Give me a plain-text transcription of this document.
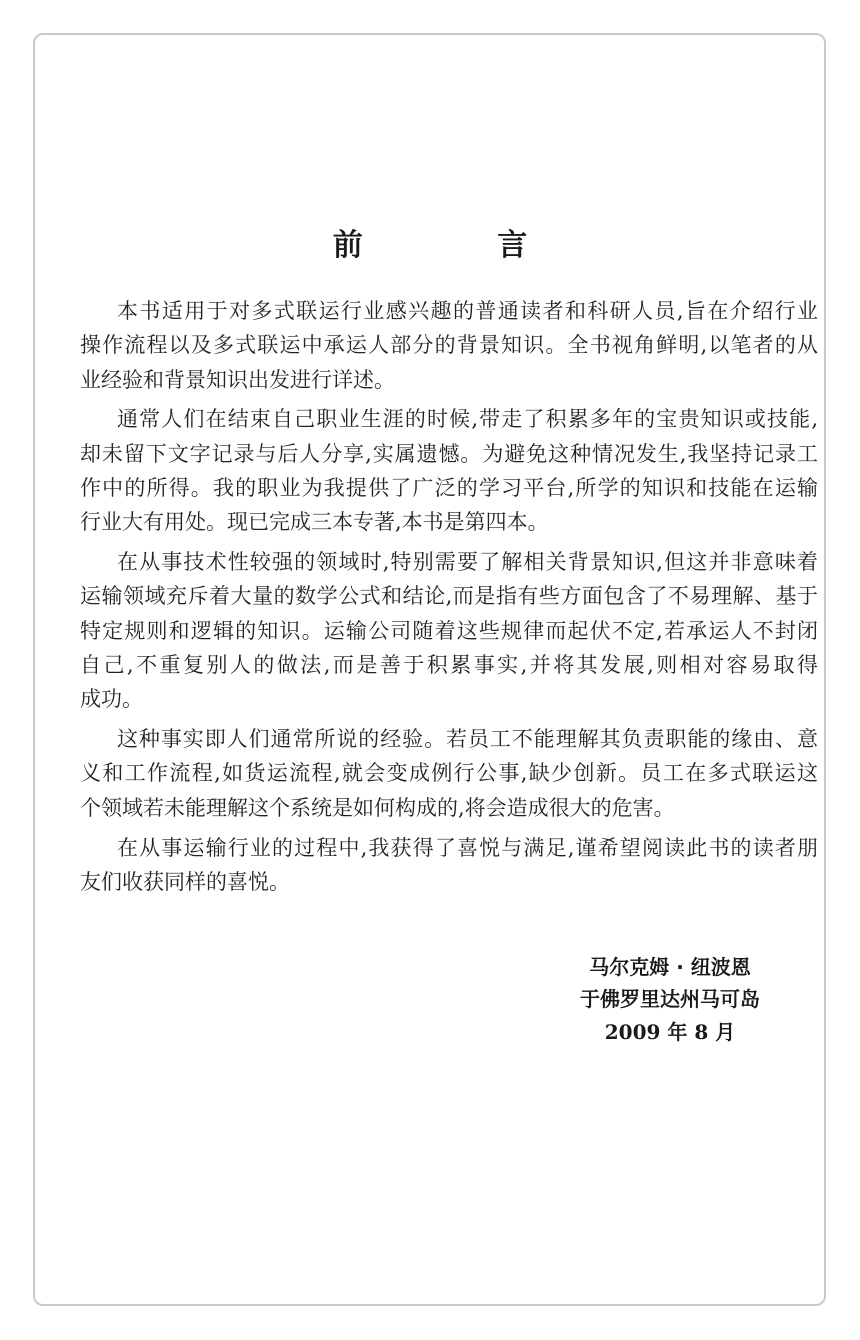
前 言
本书适用于对多式联运行业感兴趣的普通读者和科研人员,旨在介绍行业
操作流程以及多式联运中承运人部分的背景知识。全书视角鲜明,以笔者的从
业经验和背景知识出发进行详述。
通常人们在结束自己职业生涯的时候,带走了积累多年的宝贵知识或技能,
却未留下文字记录与后人分享,实属遗憾。为避免这种情况发生,我坚持记录工
作中的所得。我的职业为我提供了广泛的学习平台,所学的知识和技能在运输
行业大有用处。现已完成三本专著,本书是第四本。
在从事技术性较强的领域时,特别需要了解相关背景知识,但这并非意味着
运输领域充斥着大量的数学公式和结论,而是指有些方面包含了不易理解、基于
特定规则和逻辑的知识。运输公司随着这些规律而起伏不定,若承运人不封闭
自己,不重复别人的做法,而是善于积累事实,并将其发展,则相对容易取得
成功。
这种事实即人们通常所说的经验。若员工不能理解其负责职能的缘由、意
义和工作流程,如货运流程,就会变成例行公事,缺少创新。员工在多式联运这
个领域若未能理解这个系统是如何构成的,将会造成很大的危害。
在从事运输行业的过程中,我获得了喜悦与满足,谨希望阅读此书的读者朋
友们收获同样的喜悦。
马尔克姆 · 纽波恩
于佛罗里达州马可岛
2009 年 8 月
